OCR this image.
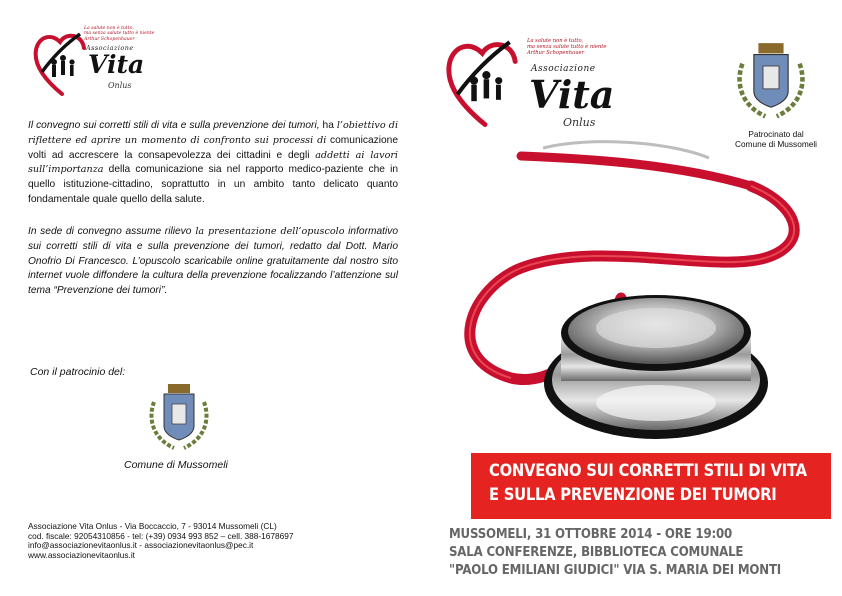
La salute non è tutto,
ma senza salute tutto è niente
Arthur Schopenhauer
Associazione
Vita
Onlus
Il convegno sui corretti stili di vita e sulla prevenzione dei tumori, ha l’obiettivo di riflettere ed aprire un momento di confronto sui processi di comunicazione volti ad accrescere la consapevolezza dei cittadini e degli addetti ai lavori sull’importanza della comunicazione sia nel rapporto medico-paziente che in quello istituzione-cittadino, soprattutto in un ambito tanto delicato quanto fondamentale quale quello della salute.
In sede di convegno assume rilievo la presentazione dell’opuscolo informativo sui corretti stili di vita e sulla prevenzione dei tumori, redatto dal Dott. Mario Onofrio Di Francesco. L’opuscolo scaricabile online gratuitamente dal nostro sito internet vuole diffondere la cultura della prevenzione focalizzando l’attenzione sul tema “Prevenzione dei tumori”.
Con il patrocinio del:
Comune di Mussomeli
Associazione Vita Onlus - Via Boccaccio, 7 - 93014 Mussomeli (CL)
cod. fiscale: 92054310856 - tel: (+39) 0934 993 852 – cell. 388-1678697
info@associazionevitaonlus.it - associazionevitaonlus@pec.it
www.associazionevitaonlus.it
La salute non è tutto,
ma senza salute tutto è niente
Arthur Schopenhauer
Associazione
Vita
Onlus
Patrocinato dal
Comune di Mussomeli
CONVEGNO SUI CORRETTI STILI DI VITA
E SULLA PREVENZIONE DEI TUMORI
MUSSOMELI, 31 OTTOBRE 2014 - ORE 19:00
SALA CONFERENZE, BIBBLIOTECA COMUNALE
"PAOLO EMILIANI GIUDICI" VIA S. MARIA DEI MONTI
